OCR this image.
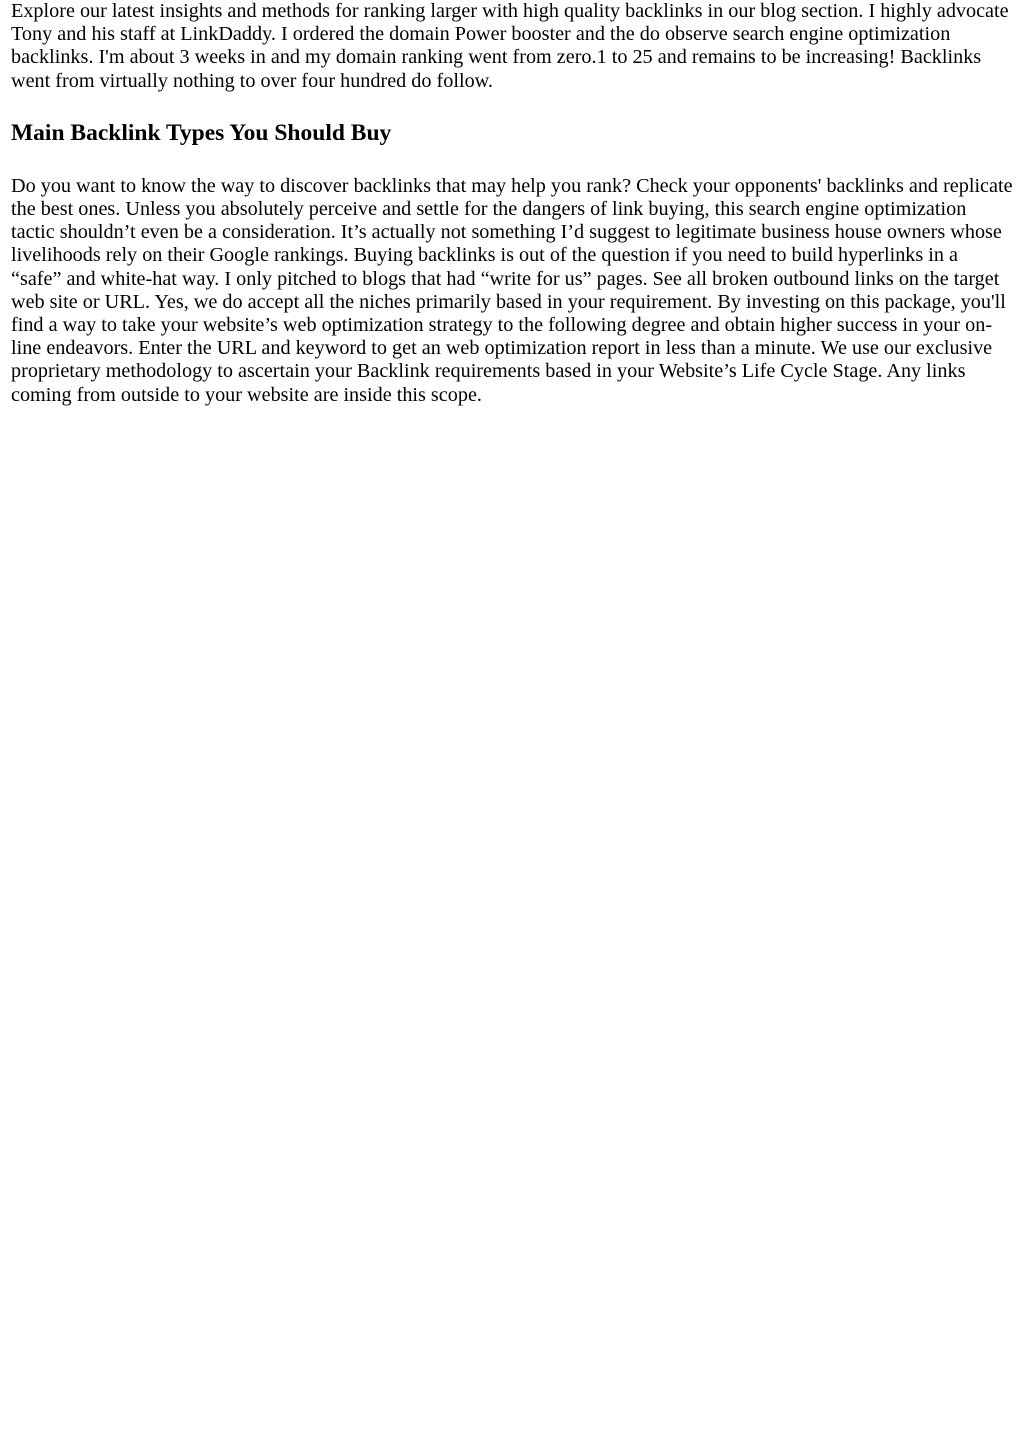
Explore our latest insights and methods for ranking larger with high quality backlinks in our blog section. I highly advocate Tony and his staff at LinkDaddy. I ordered the domain Power booster and the do observe search engine optimization backlinks. I'm about 3 weeks in and my domain ranking went from zero.1 to 25 and remains to be increasing! Backlinks went from virtually nothing to over four hundred do follow.

Main Backlink Types You Should Buy

Do you want to know the way to discover backlinks that may help you rank? Check your opponents' backlinks and replicate the best ones. Unless you absolutely perceive and settle for the dangers of link buying, this search engine optimization tactic shouldn’t even be a consideration. It’s actually not something I’d suggest to legitimate business house owners whose livelihoods rely on their Google rankings. Buying backlinks is out of the question if you need to build hyperlinks in a “safe” and white-hat way. I only pitched to blogs that had “write for us” pages. See all broken outbound links on the target web site or URL. Yes, we do accept all the niches primarily based in your requirement. By investing on this package, you'll find a way to take your website’s web optimization strategy to the following degree and obtain higher success in your on-line endeavors. Enter the URL and keyword to get an web optimization report in less than a minute. We use our exclusive proprietary methodology to ascertain your Backlink requirements based in your Website’s Life Cycle Stage. Any links coming from outside to your website are inside this scope.
